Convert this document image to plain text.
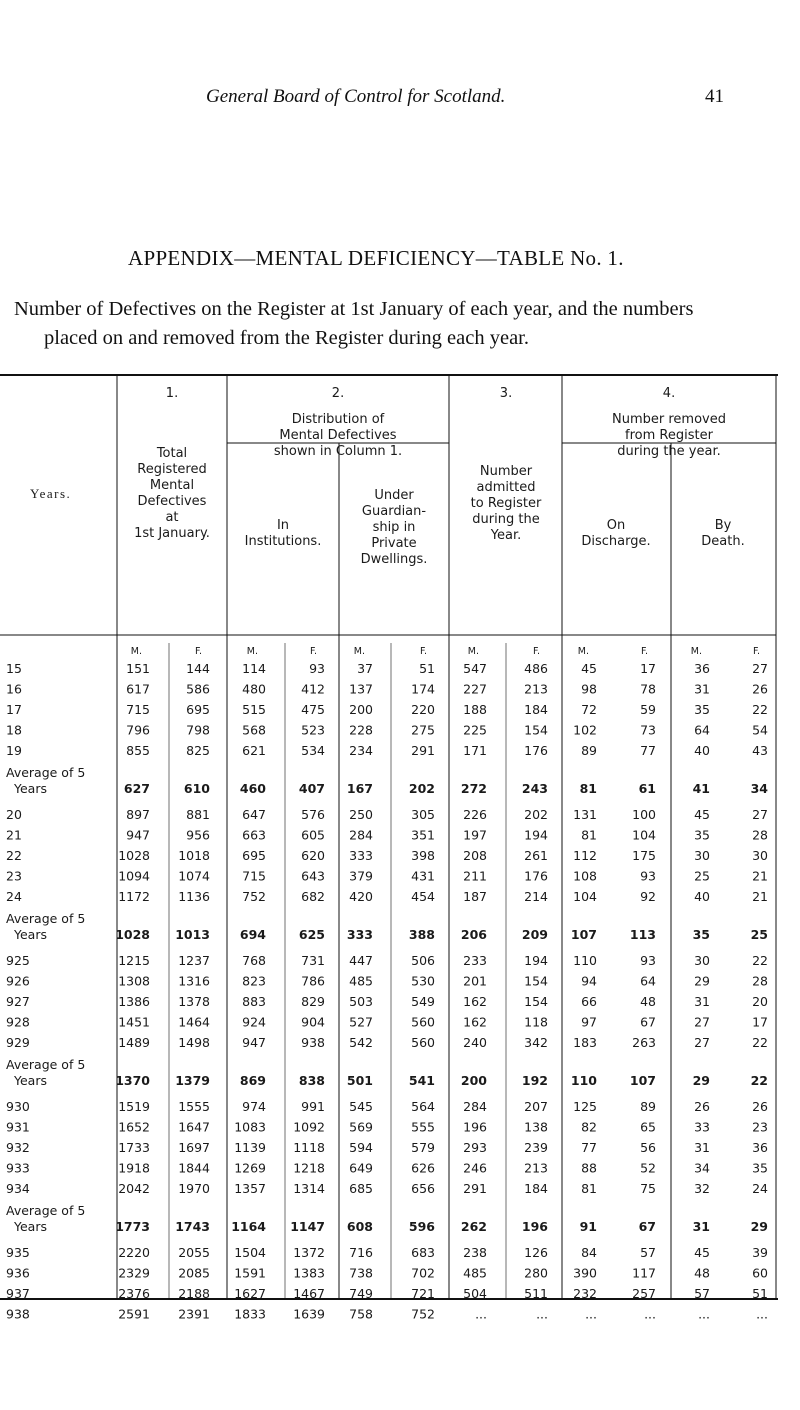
General Board of Control for Scotland.	41
APPENDIX—MENTAL DEFICIENCY—TABLE No. 1.
Number of Defectives on the Register at 1st January of each year, and the numbers
placed on and removed from the Register during each year.
Years.
1.
Total
Registered
Mental
Defectives
at
1st January.
2.
Distribution of
Mental Defectives
shown in Column 1.
In
Institutions.
Under
Guardian-
ship in
Private
Dwellings.
3.
Number
admitted
to Register
during the
Year.
4.
Number removed
from Register
during the year.
On
Discharge.
By
Death.
M.	F.	M.	F.	M.	F.	M.	F.	M.	F.	M.	F.
15	151	144	114	93	37	51 547	486	45	17	36	27
16	617	586	480	412 137	174 227	213	98	78	31	26
17	715	695	515	475 200	220 188	184	72	59	35	22
18	796	798	568	523 228	275 225	154 102	73	64	54
19	855	825	621	534 234	291 171	176	89	77	40	43
Average of 5
Years	627	610 460	407 167	202 272	243	81	61	41	34
20	897	881	647	576 250	305 226	202 131	100	45	27
21	947	956	663	605 284	351 197	194	81	104	35	28
22	1028 1018	695	620 333	398 208	261 112	175	30	30
23	1094 1074	715	643 379	431 211	176 108	93	25	21
24	1172 1136	752	682 420	454 187	214 104	92	40	21
Average of 5
Years	1028 1013 694	625 333	388 206	209 107	113	35	25
925	1215 1237	768	731 447	506 233	194 110	93	30	22
926	1308 1316	823	786 485	530 201	154	94	64	29	28
927	1386 1378	883	829 503	549 162	154	66	48	31	20
928	1451 1464	924	904 527	560 162	118	97	67	27	17
929	1489 1498	947	938 542	560 240	342 183	263	27	22
Average of 5
Years	1370 1379 869	838 501	541 200	192 110	107	29	22
930	1519 1555	974	991 545	564 284	207 125	89	26	26
931	1652 1647 1083 1092 569	555 196	138	82	65	33	23
932	1733 1697 1139 1118 594	579 293	239	77	56	31	36
933	1918 1844 1269 1218 649	626 246	213	88	52	34	35
934	2042 1970 1357 1314 685	656 291	184	81	75	32	24
Average of 5
Years	1773 1743 1164 1147 608	596 262	196	91	67	31	29
935	2220 2055 1504 1372 716	683 238	126	84	57	45	39
936	2329 2085 1591 1383 738	702 485	280 390	117	48	60
937	2376 2188 1627 1467 749	721 504	511 232	257	57	51
938	2591 2391 1833 1639 758	752	...	...	...	...	...	...
